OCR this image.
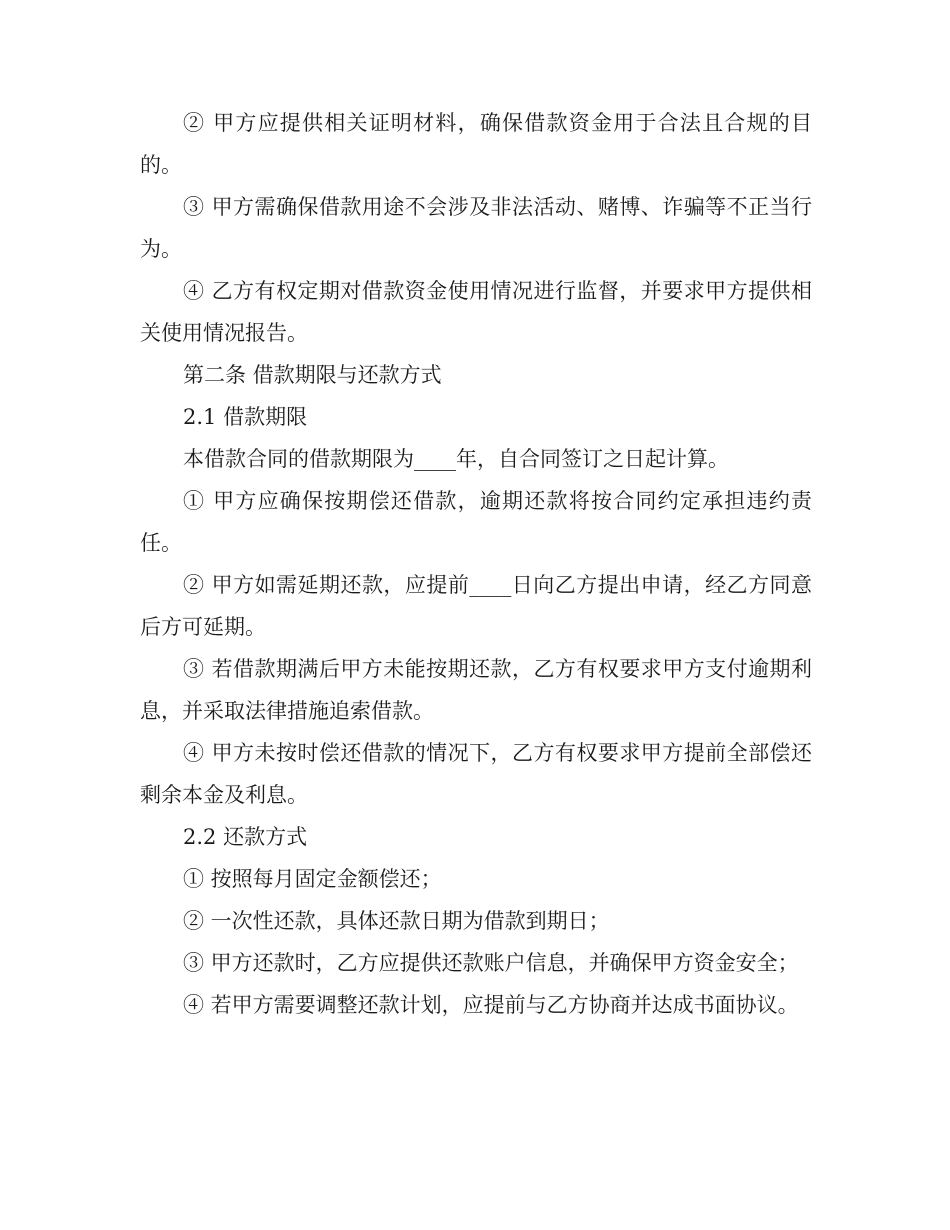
② 甲方应提供相关证明材料，确保借款资金用于合法且合规的目的。

③ 甲方需确保借款用途不会涉及非法活动、赌博、诈骗等不正当行为。

④ 乙方有权定期对借款资金使用情况进行监督，并要求甲方提供相关使用情况报告。

第二条 借款期限与还款方式

2.1 借款期限

本借款合同的借款期限为____年，自合同签订之日起计算。

① 甲方应确保按期偿还借款，逾期还款将按合同约定承担违约责任。

② 甲方如需延期还款，应提前____日向乙方提出申请，经乙方同意后方可延期。

③ 若借款期满后甲方未能按期还款，乙方有权要求甲方支付逾期利息，并采取法律措施追索借款。

④ 甲方未按时偿还借款的情况下，乙方有权要求甲方提前全部偿还剩余本金及利息。

2.2 还款方式

① 按照每月固定金额偿还；

② 一次性还款，具体还款日期为借款到期日；

③ 甲方还款时，乙方应提供还款账户信息，并确保甲方资金安全；

④ 若甲方需要调整还款计划，应提前与乙方协商并达成书面协议。
